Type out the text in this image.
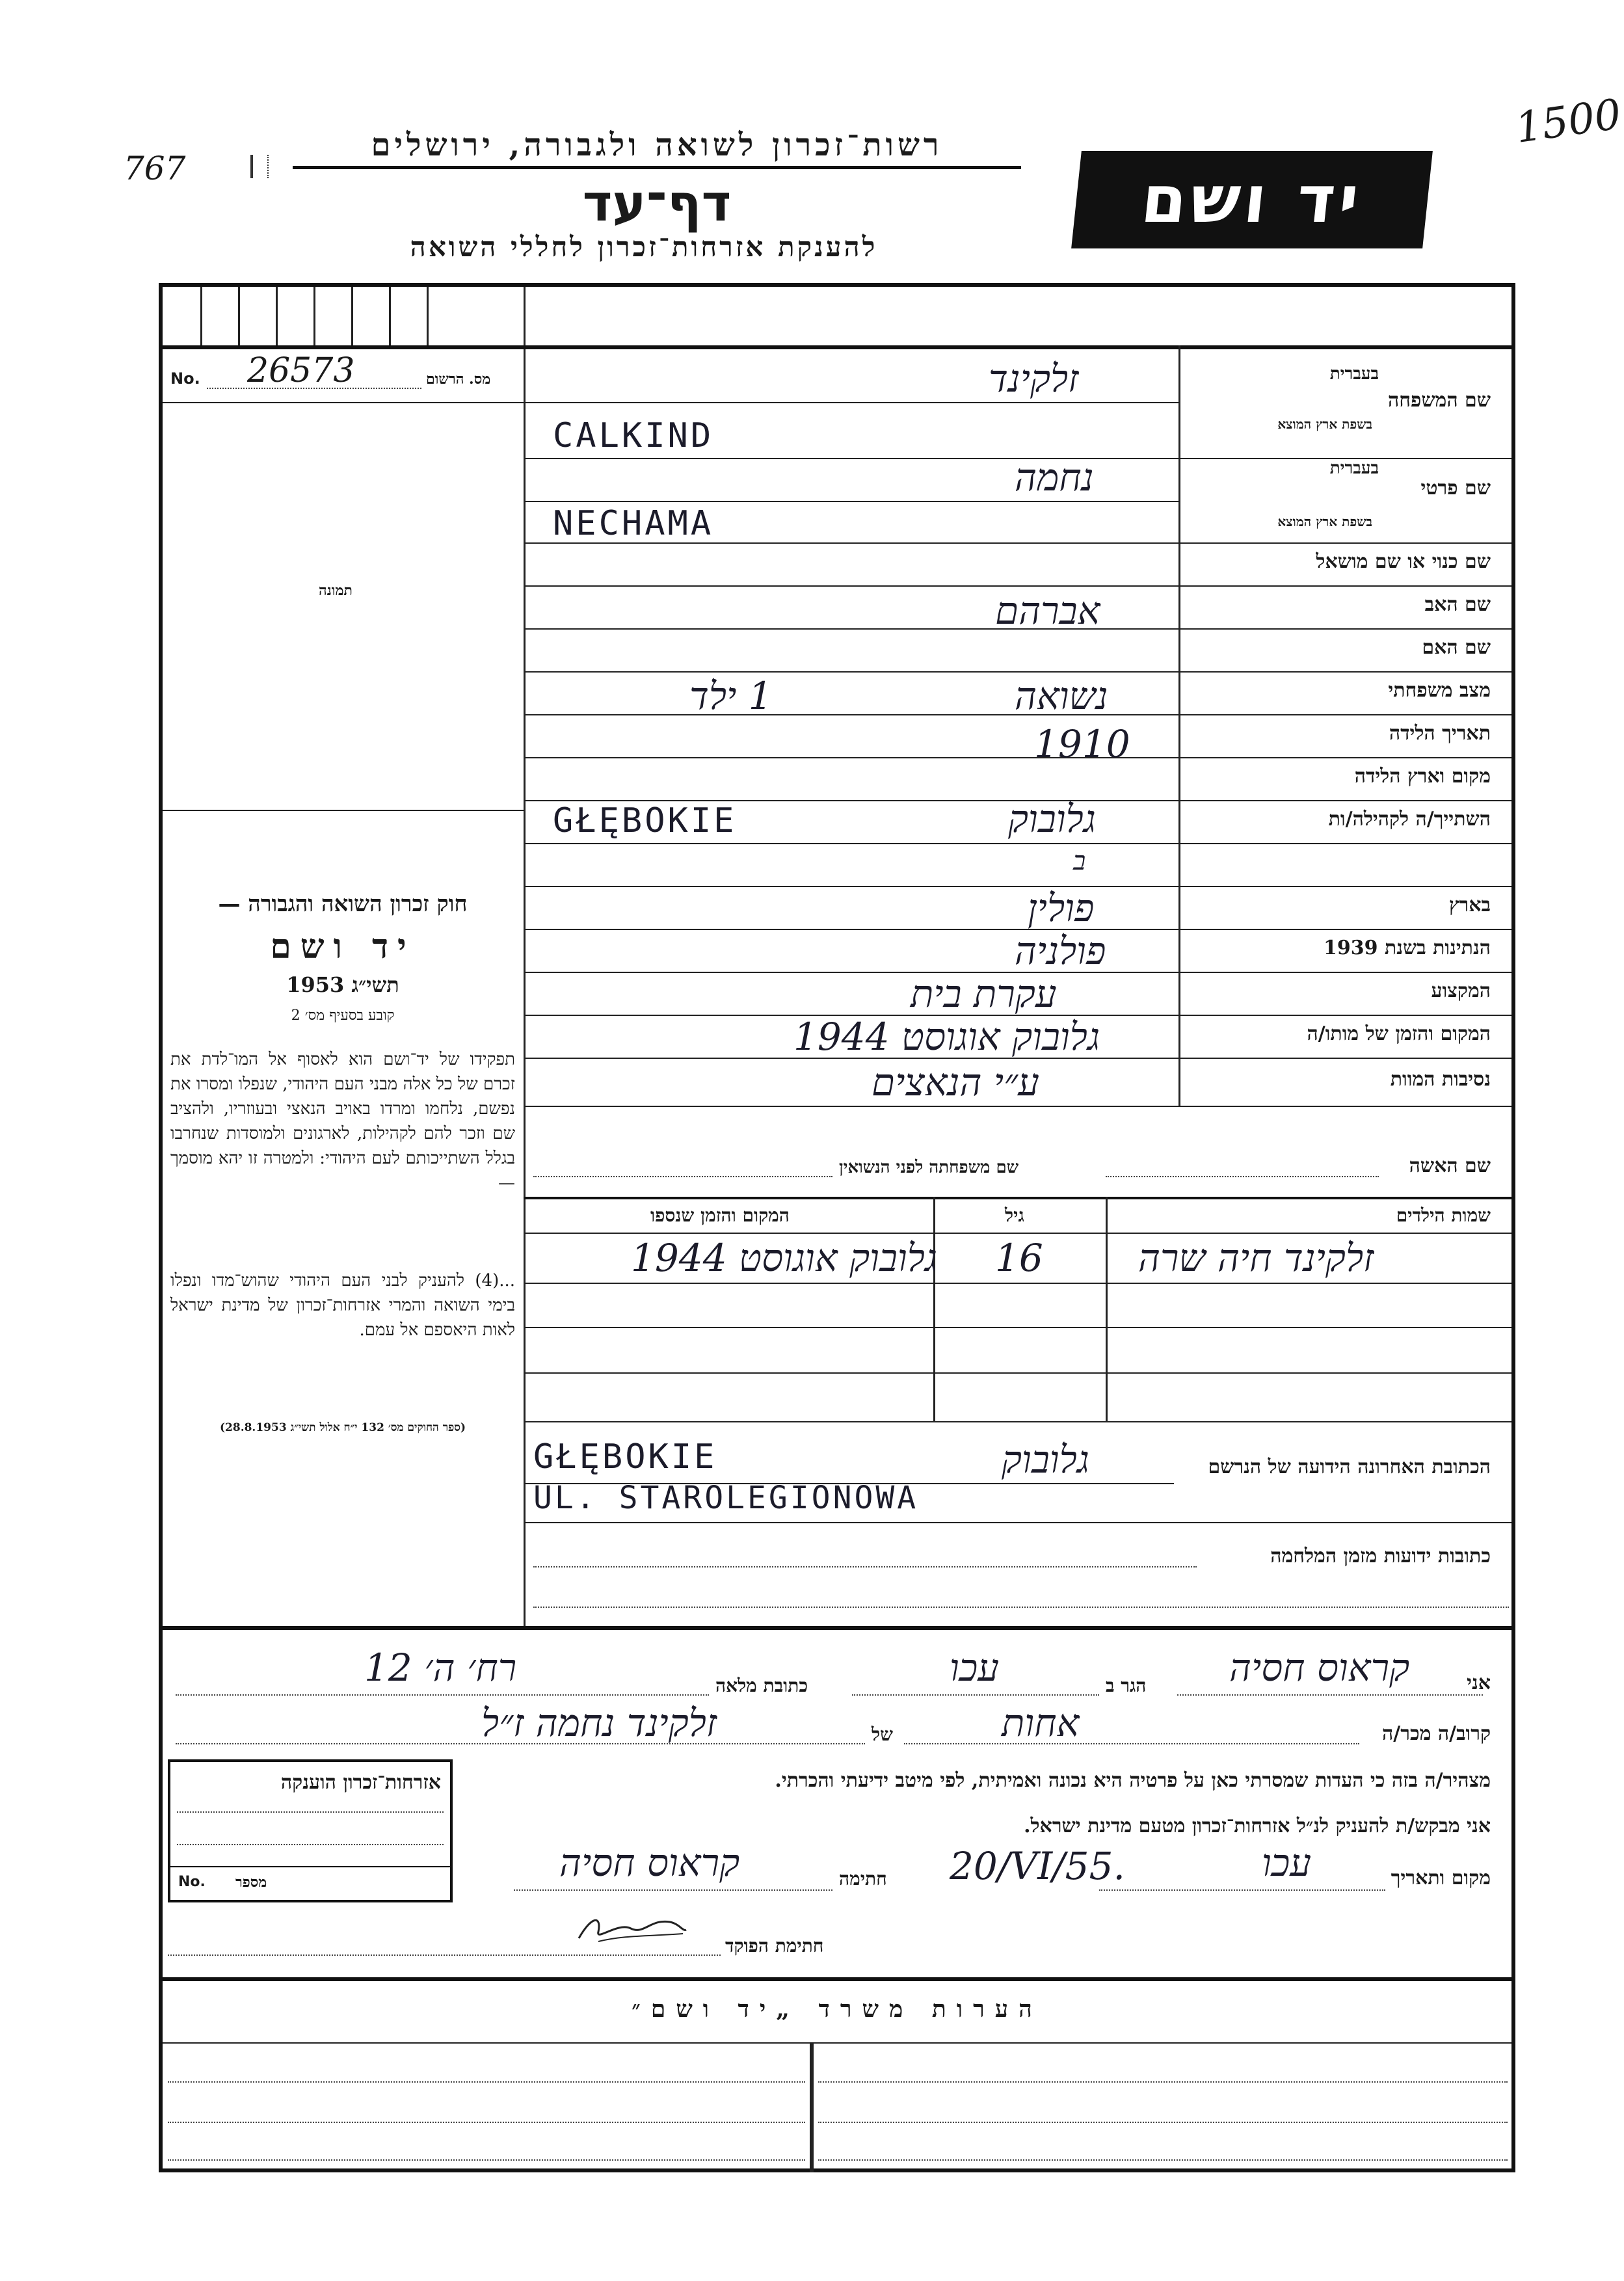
767
1500
רשות־זכרון לשואה ולגבורה, ירושלים
דף־עד
להענקת אזרחות־זכרון לחללי השואה
יד ושם
No. 26573	מס. הרשום
תמונה
חוק זכרון השואה והגבורה —
יד ושם
תשי״ג 1953
קובע בסעיף מס׳ 2
תפקידו של יד־ושם הוא לאסוף אל המו־לדת את זכרם של כל אלה מבני העם היהודי, שנפלו ומסרו את נפשם, נלחמו ומרדו באויב הנאצי ובעוזריו, ולהציב שם וזכר להם לקהילות, לארגונים ולמוסדות שנחרבו בגלל השתייכותם לעם היהודי: ולמטרה זו יהא מוסמך—
...(4) להעניק לבני העם היהודי שהוש־מדו ונפלו בימי השואה והמרי אזרחות־זכרון של מדינת ישראל לאות היאספם אל עמם.
(ספר החוקים מס׳ 132 י״ח אלול תשי״ג 28.8.1953)
שם המשפחה
בעברית
בשפת ארץ המוצא
זלקינד
CALKIND
שם פרטי
בעברית
בשפת ארץ המוצא
נחמה
NECHAMA
שם כנוי או שם מושאל
שם האב
אברהם
שם האם
מצב משפחתי
נשואה
1 ילד
תאריך הלידה
1910
מקום וארץ הלידה
השתייך/ה לקהילה/ות
גלובוק
GŁĘBOKIE
ב
בארץ
פולין
הנתינות בשנת 1939
פולניה
המקצוע
עקרת בית
המקום והזמן של מותו/ה
גלובוק אוגוסט 1944
נסיבות המוות
ע״י הנאצים
שם האשה
שם משפחתה לפני הנשואין
שמות הילדים
גיל
המקום והזמן שנספו
זלקינד חיה שרה
16
גלובוק אוגוסט 1944
הכתובת האחרונה הידועה של הנרשם
גלובוק
GŁĘBOKIE
UL. STAROLEGIONOWA
כתובות ידועות מזמן המלחמה
אני
קראוס חסיה
הגר ב
עכו
כתובת מלאה
רח׳ ה׳ 12
קרוב/ה מכר/ה
אחות
של
זלקינד נחמה ז״ל
מצהיר/ה בזה כי העדות שמסרתי כאן על פרטיה היא נכונה ואמיתית, לפי מיטב ידיעתי והכרתי.
אזרחות־זכרון הוענקה
No. מספר
אני מבקש/ת להעניק לנ״ל אזרחות־זכרון מטעם מדינת ישראל.
מקום ותאריך
עכו
20/VI/55.
חתימה
קראוס חסיה
חתימת הפוקד
הערות משרד „יד ושם״
